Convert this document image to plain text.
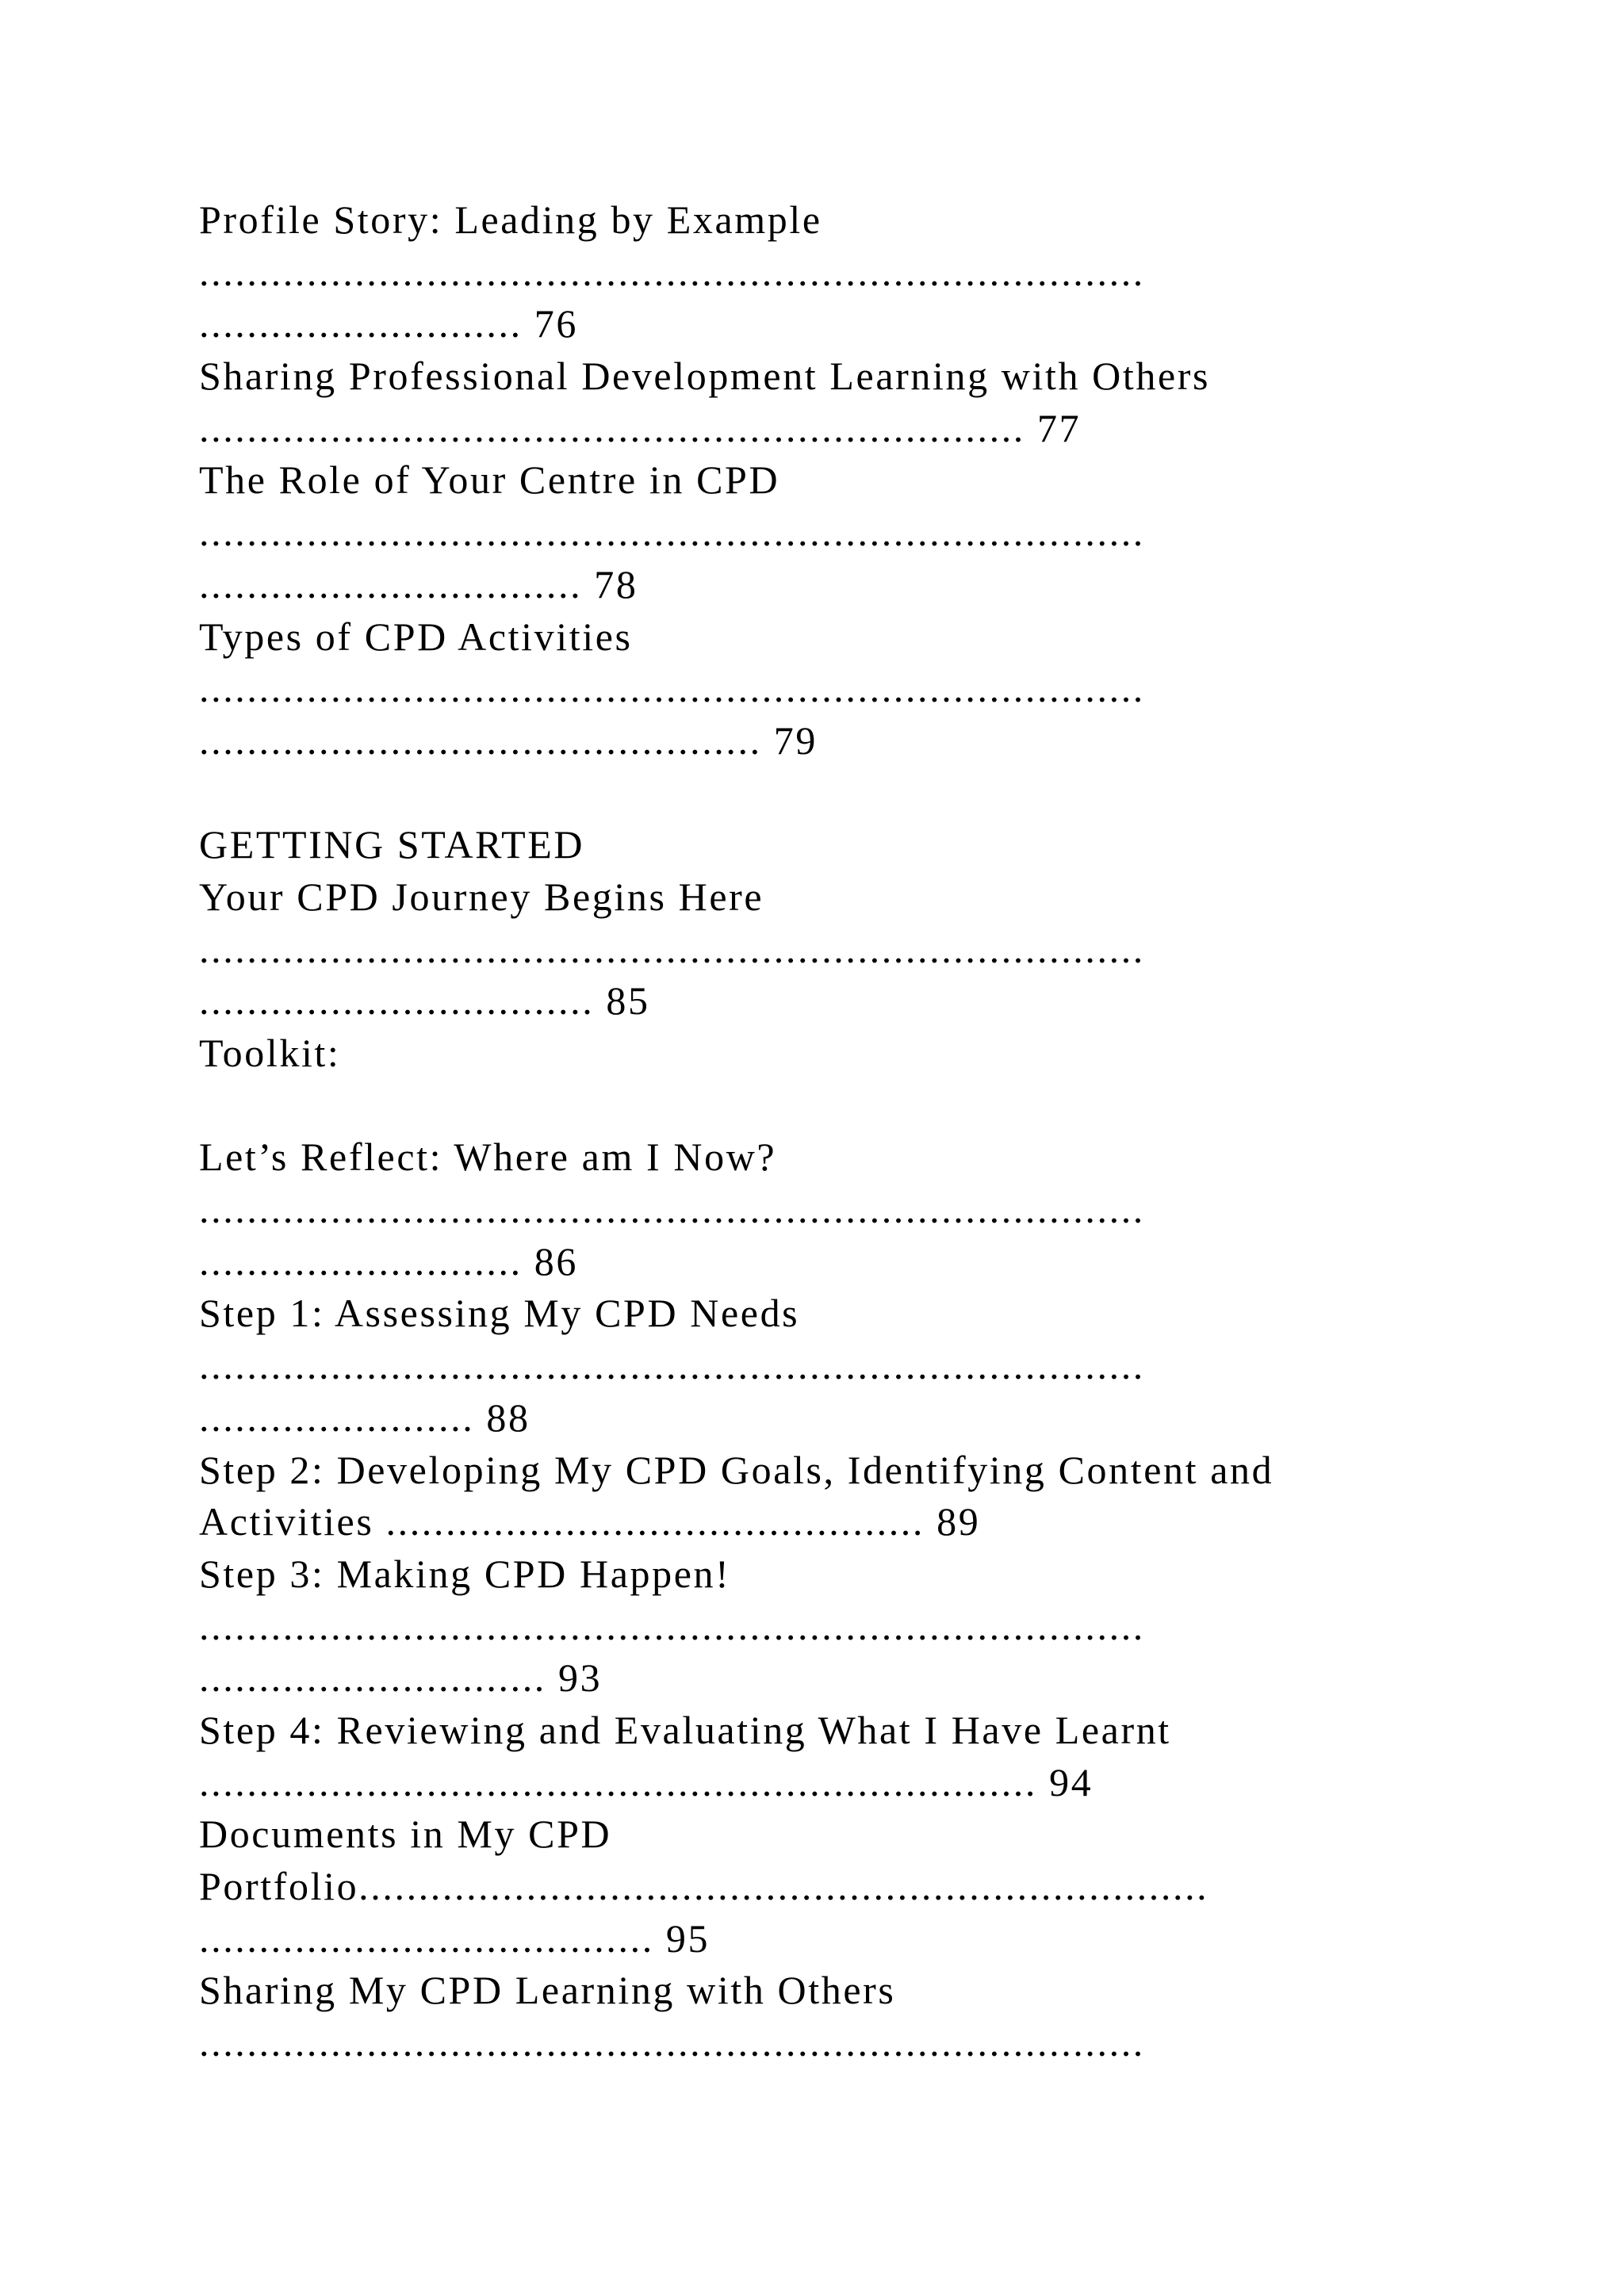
Profile Story: Leading by Example
...............................................................................
........................... 76
Sharing Professional Development Learning with Others
..................................................................... 77
The Role of Your Centre in CPD
...............................................................................
................................ 78
Types of CPD Activities
...............................................................................
............................................... 79
GETTING STARTED
Your CPD Journey Begins Here
...............................................................................
................................. 85
Toolkit:
Let’s Reflect: Where am I Now?
...............................................................................
........................... 86
Step 1: Assessing My CPD Needs
...............................................................................
....................... 88
Step 2: Developing My CPD Goals, Identifying Content and
Activities ............................................. 89
Step 3: Making CPD Happen!
...............................................................................
............................. 93
Step 4: Reviewing and Evaluating What I Have Learnt
...................................................................... 94
Documents in My CPD
Portfolio.......................................................................
...................................... 95
Sharing My CPD Learning with Others
...............................................................................
